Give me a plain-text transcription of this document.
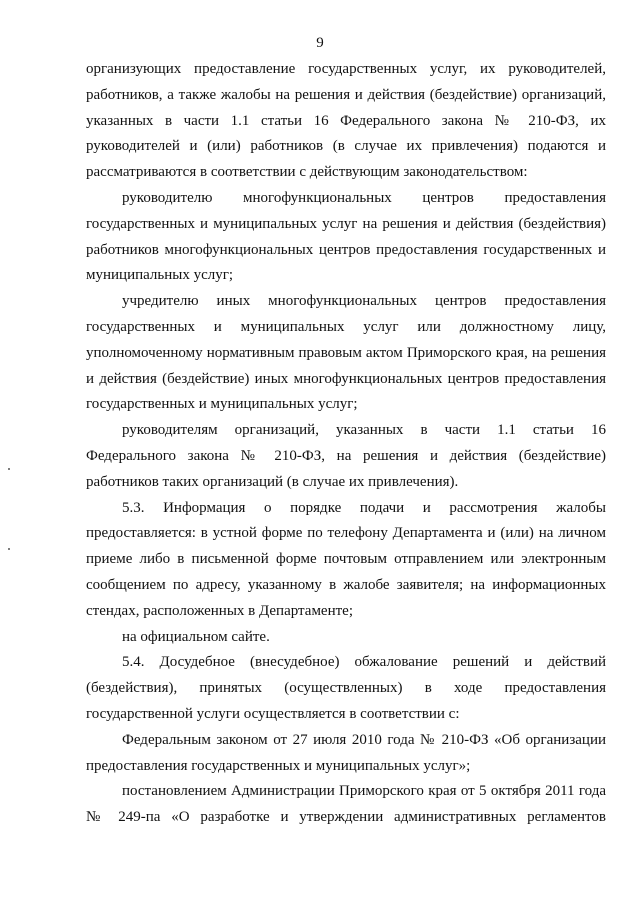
9

организующих предоставление государственных услуг, их руководителей, работников, а также жалобы на решения и действия (бездействие) организаций, указанных в части 1.1 статьи 16 Федерального закона № 210-ФЗ, их руководителей и (или) работников (в случае их привлечения) подаются и рассматриваются в соответствии с действующим законодательством:

руководителю многофункциональных центров предоставления государственных и муниципальных услуг на решения и действия (бездействия) работников многофункциональных центров предоставления государственных и муниципальных услуг;

учредителю иных многофункциональных центров предоставления государственных и муниципальных услуг или должностному лицу, уполномоченному нормативным правовым актом Приморского края, на решения и действия (бездействие) иных многофункциональных центров предоставления государственных и муниципальных услуг;

руководителям организаций, указанных в части 1.1 статьи 16 Федерального закона № 210-ФЗ, на решения и действия (бездействие) работников таких организаций (в случае их привлечения).

5.3. Информация о порядке подачи и рассмотрения жалобы предоставляется: в устной форме по телефону Департамента и (или) на личном приеме либо в письменной форме почтовым отправлением или электронным сообщением по адресу, указанному в жалобе заявителя; на информационных стендах, расположенных в Департаменте;

на официальном сайте.

5.4. Досудебное (внесудебное) обжалование решений и действий (бездействия), принятых (осуществленных) в ходе предоставления государственной услуги осуществляется в соответствии с:

Федеральным законом от 27 июля 2010 года № 210-ФЗ «Об организации предоставления государственных и муниципальных услуг»;

постановлением Администрации Приморского края от 5 октября 2011 года № 249-па «О разработке и утверждении административных регламентов
